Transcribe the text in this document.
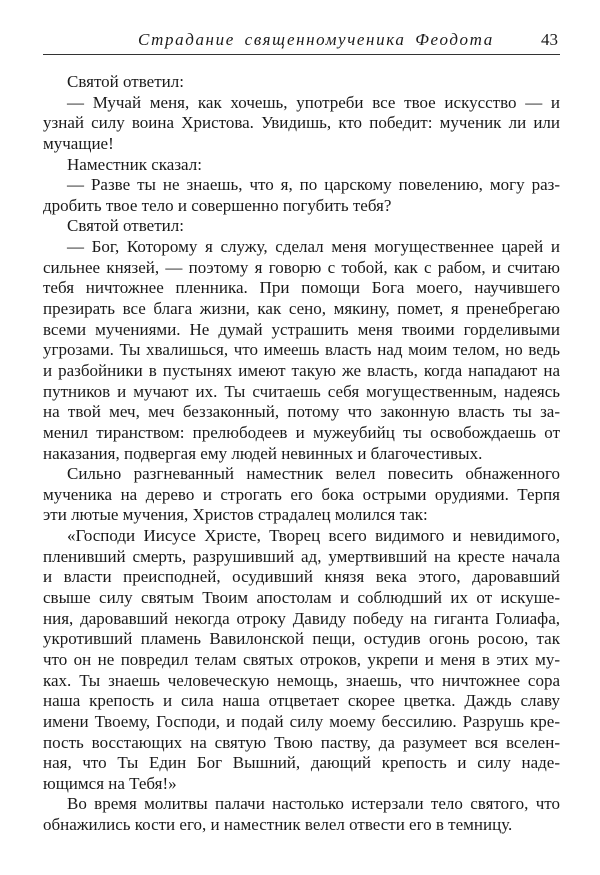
Страдание священномученика Феодота	43
Святой ответил:
— Мучай меня, как хочешь, употреби все твое искусство — и
узнай силу воина Христова. Увидишь, кто победит: мученик ли или
мучащие!
Наместник сказал:
— Разве ты не знаешь, что я, по царскому повелению, могу раз-
дробить твое тело и совершенно погубить тебя?
Святой ответил:
— Бог, Которому я служу, сделал меня могущественнее царей и
сильнее князей, — поэтому я говорю с тобой, как с рабом, и считаю
тебя ничтожнее пленника. При помощи Бога моего, научившего
презирать все блага жизни, как сено, мякину, помет, я пренебрегаю
всеми мучениями. Не думай устрашить меня твоими горделивыми
угрозами. Ты хвалишься, что имеешь власть над моим телом, но ведь
и разбойники в пустынях имеют такую же власть, когда нападают на
путников и мучают их. Ты считаешь себя могущественным, надеясь
на твой меч, меч беззаконный, потому что законную власть ты за-
менил тиранством: прелюбодеев и мужеубийц ты освобождаешь от
наказания, подвергая ему людей невинных и благочестивых.
Сильно разгневанный наместник велел повесить обнаженного
мученика на дерево и строгать его бока острыми орудиями. Терпя
эти лютые мучения, Христов страдалец молился так:
«Господи Иисусе Христе, Творец всего видимого и невидимого,
пленивший смерть, разрушивший ад, умертвивший на кресте начала
и власти преисподней, осудивший князя века этого, даровавший
свыше силу святым Твоим апостолам и соблюдший их от искуше-
ния, даровавший некогда отроку Давиду победу на гиганта Голиафа,
укротивший пламень Вавилонской пещи, остудив огонь росою, так
что он не повредил телам святых отроков, укрепи и меня в этих му-
ках. Ты знаешь человеческую немощь, знаешь, что ничтожнее сора
наша крепость и сила наша отцветает скорее цветка. Даждь славу
имени Твоему, Господи, и подай силу моему бессилию. Разрушь кре-
пость восстающих на святую Твою паству, да разумеет вся вселен-
ная, что Ты Един Бог Вышний, дающий крепость и силу наде-
ющимся на Тебя!»
Во время молитвы палачи настолько истерзали тело святого, что
обнажились кости его, и наместник велел отвести его в темницу.
